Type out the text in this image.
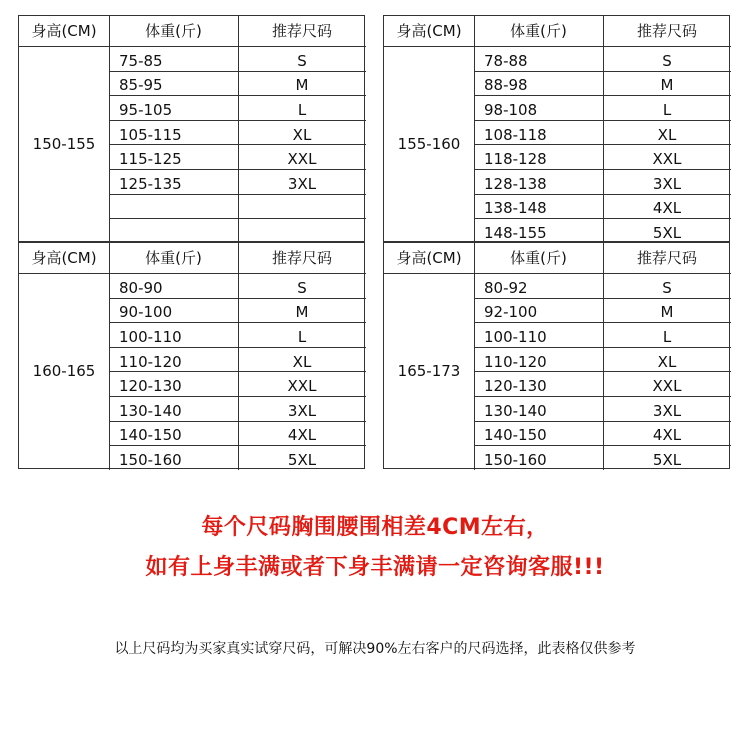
身高(CM)	体重(斤)	推荐尺码
150-155
75-85	S
85-95	M
95-105	L
105-115	XL
115-125	XXL
125-135	3XL
身高(CM)	体重(斤)	推荐尺码
155-160
78-88	S
88-98	M
98-108	L
108-118	XL
118-128	XXL
128-138	3XL
138-148	4XL
148-155	5XL
身高(CM)	体重(斤)	推荐尺码
160-165
80-90	S
90-100	M
100-110	L
110-120	XL
120-130	XXL
130-140	3XL
140-150	4XL
150-160	5XL
身高(CM)	体重(斤)	推荐尺码
165-173
80-92	S
92-100	M
100-110	L
110-120	XL
120-130	XXL
130-140	3XL
140-150	4XL
150-160	5XL
每个尺码胸围腰围相差4CM左右，
如有上身丰满或者下身丰满请一定咨询客服!!!
以上尺码均为买家真实试穿尺码，可解决90%左右客户的尺码选择，此表格仅供参考
